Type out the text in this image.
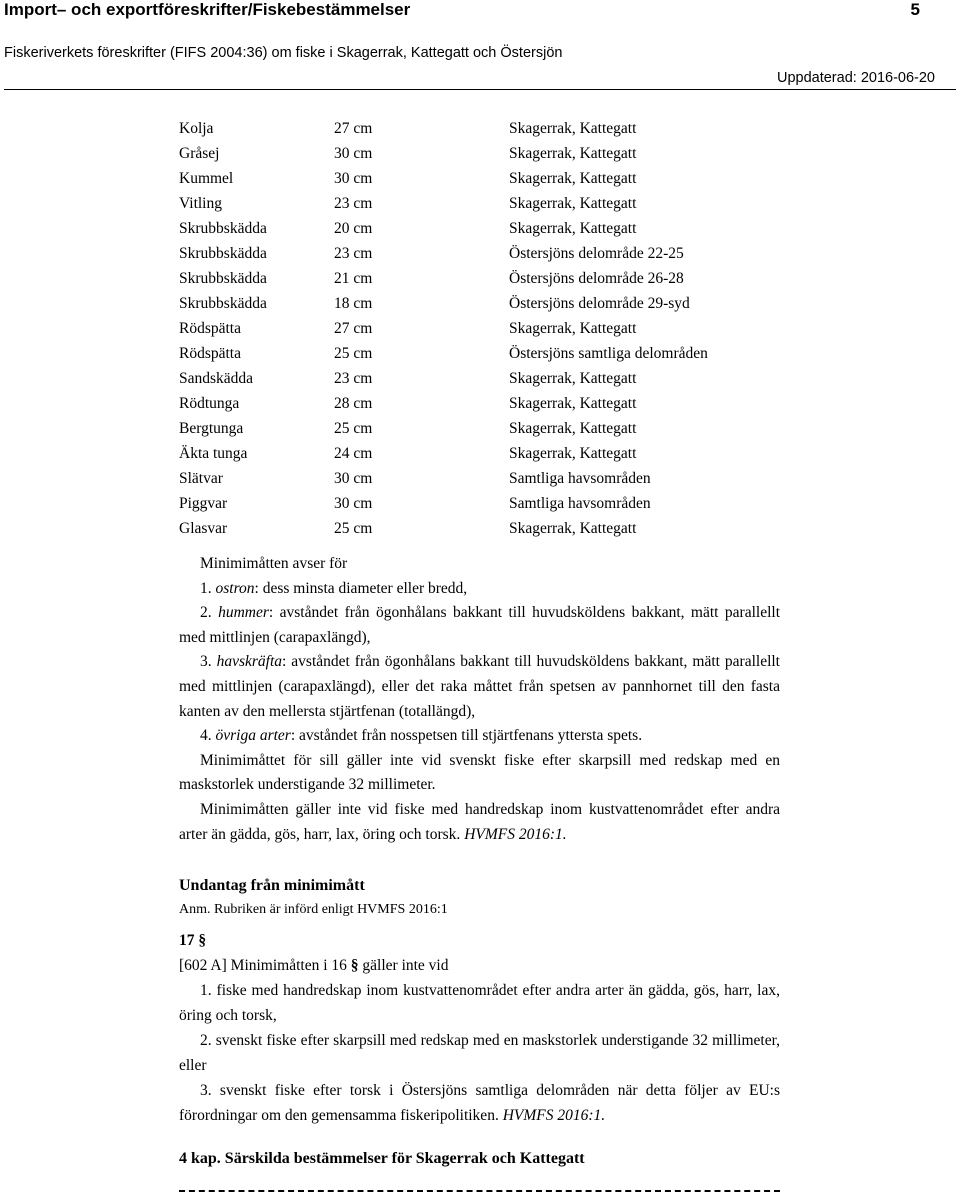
Import– och exportföreskrifter/Fiskebestämmelser	5
Fiskeriverkets föreskrifter (FIFS 2004:36) om fiske i Skagerrak, Kattegatt och Östersjön
Uppdaterad: 2016-06-20
Kolja	27 cm	Skagerrak, Kattegatt
Gråsej	30 cm	Skagerrak, Kattegatt
Kummel	30 cm	Skagerrak, Kattegatt
Vitling	23 cm	Skagerrak, Kattegatt
Skrubbskädda	20 cm	Skagerrak, Kattegatt
Skrubbskädda	23 cm	Östersjöns delområde 22-25
Skrubbskädda	21 cm	Östersjöns delområde 26-28
Skrubbskädda	18 cm	Östersjöns delområde 29-syd
Rödspätta	27 cm	Skagerrak, Kattegatt
Rödspätta	25 cm	Östersjöns samtliga delområden
Sandskädda	23 cm	Skagerrak, Kattegatt
Rödtunga	28 cm	Skagerrak, Kattegatt
Bergtunga	25 cm	Skagerrak, Kattegatt
Äkta tunga	24 cm	Skagerrak, Kattegatt
Slätvar	30 cm	Samtliga havsområden
Piggvar	30 cm	Samtliga havsområden
Glasvar	25 cm	Skagerrak, Kattegatt

Minimimåtten avser för

1. ostron: dess minsta diameter eller bredd,

2. hummer: avståndet från ögonhålans bakkant till huvudsköldens bakkant, mätt parallellt med mittlinjen (carapaxlängd),

3. havskräfta: avståndet från ögonhålans bakkant till huvudsköldens bakkant, mätt parallellt med mittlinjen (carapaxlängd), eller det raka måttet från spetsen av pannhornet till den fasta kanten av den mellersta stjärtfenan (totallängd),

4. övriga arter: avståndet från nosspetsen till stjärtfenans yttersta spets.

Minimimåttet för sill gäller inte vid svenskt fiske efter skarpsill med redskap med en maskstorlek understigande 32 millimeter.

Minimimåtten gäller inte vid fiske med handredskap inom kustvattenområdet efter andra arter än gädda, gös, harr, lax, öring och torsk. HVMFS 2016:1.

Undantag från minimimått
Anm. Rubriken är införd enligt HVMFS 2016:1

17 §

[602 A] Minimimåtten i 16 § gäller inte vid

1. fiske med handredskap inom kustvattenområdet efter andra arter än gädda, gös, harr, lax, öring och torsk,

2. svenskt fiske efter skarpsill med redskap med en maskstorlek understigande 32 millimeter, eller

3. svenskt fiske efter torsk i Östersjöns samtliga delområden när detta följer av EU:s förordningar om den gemensamma fiskeripolitiken. HVMFS 2016:1.

4 kap. Särskilda bestämmelser för Skagerrak och Kattegatt
